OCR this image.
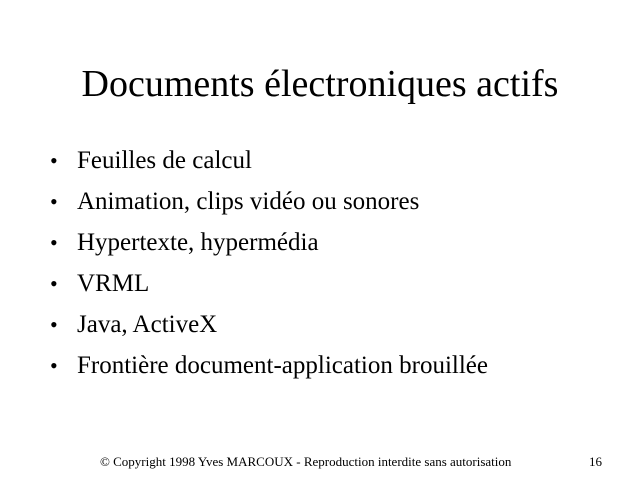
Documents électroniques actifs
• Feuilles de calcul
• Animation, clips vidéo ou sonores
• Hypertexte, hypermédia
• VRML
• Java, ActiveX
• Frontière document-application brouillée
© Copyright 1998 Yves MARCOUX - Reproduction interdite sans autorisation	16
